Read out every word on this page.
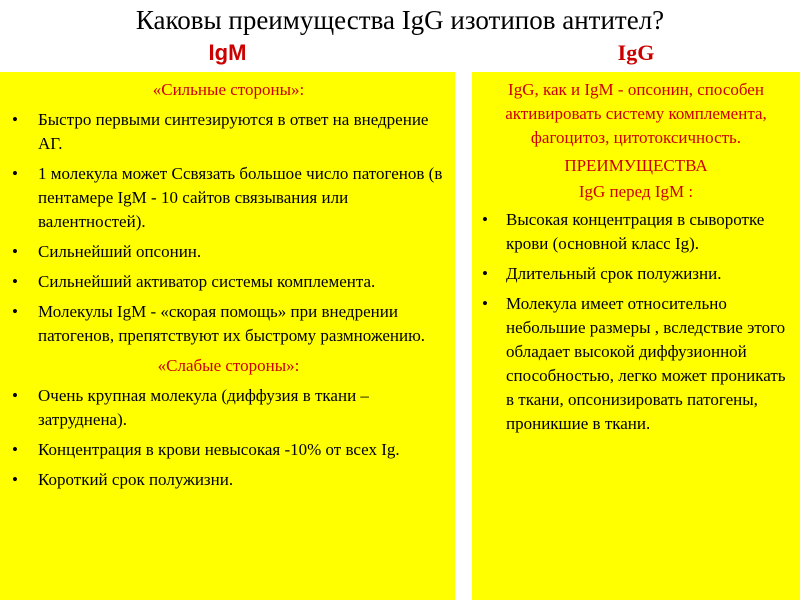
Каковы преимущества IgG изотипов антител?
IgM	IgG
«Сильные стороны»:
•	Быстро первыми синтезируются в ответ на внедрение АГ.
•	1 молекула может Ссвязать большое число патогенов (в пентамере IgM - 10 сайтов связывания или валентностей).
•	Сильнейший опсонин.
•	Сильнейший активатор системы комплемента.
•	Молекулы IgM - «скорая помощь» при внедрении патогенов, препятствуют их быстрому размножению.
«Слабые стороны»:
•	Очень крупная молекула (диффузия в ткани –затруднена).
•	Концентрация в крови невысокая -10% от всех Ig.
•	Короткий срок полужизни.
IgG, как и IgM - опсонин, способен активировать систему комплемента, фагоцитоз, цитотоксичность.
ПРЕИМУЩЕСТВА
IgG перед IgM :
•	Высокая концентрация в сыворотке крови (основной класс Ig).
•	Длительный срок полужизни.
•	Молекула имеет относительно небольшие размеры , вследствие этого обладает высокой диффузионной способностью, легко может проникать в ткани, опсонизировать патогены, проникшие в ткани.
